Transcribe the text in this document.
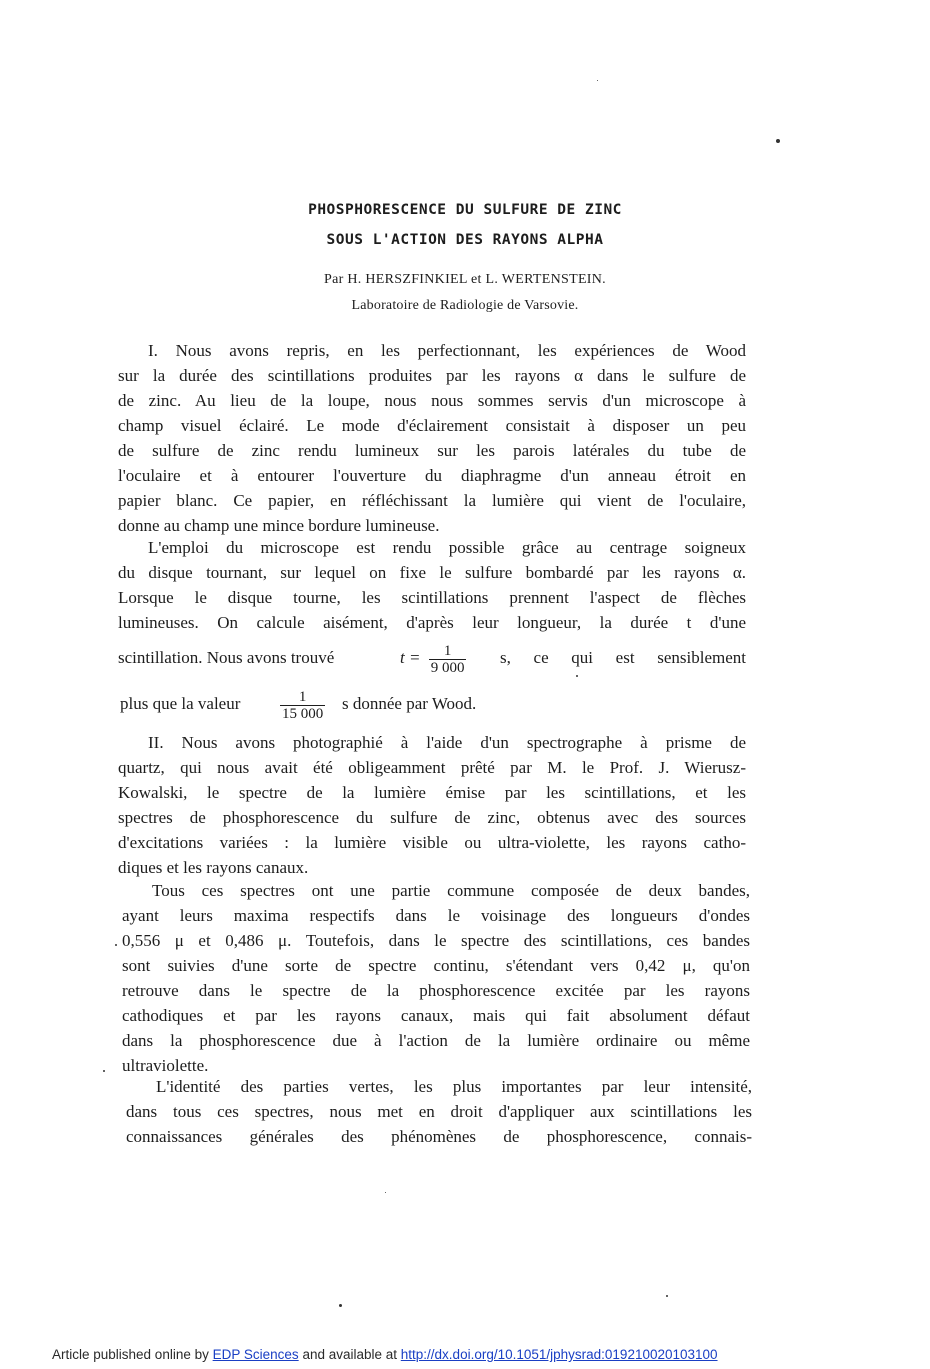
PHOSPHORESCENCE DU SULFURE DE ZINC
SOUS L'ACTION DES RAYONS ALPHA
Par H. HERSZFINKIEL et L. WERTENSTEIN.
Laboratoire de Radiologie de Varsovie.
I. Nous avons repris, en les perfectionnant, les expériences de Wood
sur la durée des scintillations produites par les rayons α dans le sulfure de
de zinc. Au lieu de la loupe, nous nous sommes servis d'un microscope à
champ visuel éclairé. Le mode d'éclairement consistait à disposer un peu
de sulfure de zinc rendu lumineux sur les parois latérales du tube de
l'oculaire et à entourer l'ouverture du diaphragme d'un anneau étroit en
papier blanc. Ce papier, en réfléchissant la lumière qui vient de l'oculaire,
donne au champ une mince bordure lumineuse.
L'emploi du microscope est rendu possible grâce au centrage soigneux
du disque tournant, sur lequel on fixe le sulfure bombardé par les rayons α.
Lorsque le disque tourne, les scintillations prennent l'aspect de flèches
lumineuses. On calcule aisément, d'après leur longueur, la durée t d'une
scintillation. Nous avons trouvé	$t = \frac{1}{9 000} s$, ce qui est sensiblement
plus que la valeur	$\frac{1}{15 000}$ s donnée par Wood.
II. Nous avons photographié à l'aide d'un spectrographe à prisme de
quartz, qui nous avait été obligeamment prêté par M. le Prof. J. Wierusz-
Kowalski, le spectre de la lumière émise par les scintillations, et les
spectres de phosphorescence du sulfure de zinc, obtenus avec des sources
d'excitations variées : la lumière visible ou ultra-violette, les rayons catho-
diques et les rayons canaux.
Tous ces spectres ont une partie commune composée de deux bandes,
ayant leurs maxima respectifs dans le voisinage des longueurs d'ondes
0,556 μ et 0,486 μ. Toutefois, dans le spectre des scintillations, ces bandes
sont suivies d'une sorte de spectre continu, s'étendant vers 0,42 μ, qu'on
retrouve dans le spectre de la phosphorescence excitée par les rayons
cathodiques et par les rayons canaux, mais qui fait absolument défaut
dans la phosphorescence due à l'action de la lumière ordinaire ou même
ultraviolette.
L'identité des parties vertes, les plus importantes par leur intensité,
dans tous ces spectres, nous met en droit d'appliquer aux scintillations les
connaissances générales des phénomènes de phosphorescence, connais-
Article published online by EDP Sciences and available at http://dx.doi.org/10.1051/jphysrad:019210020103100
